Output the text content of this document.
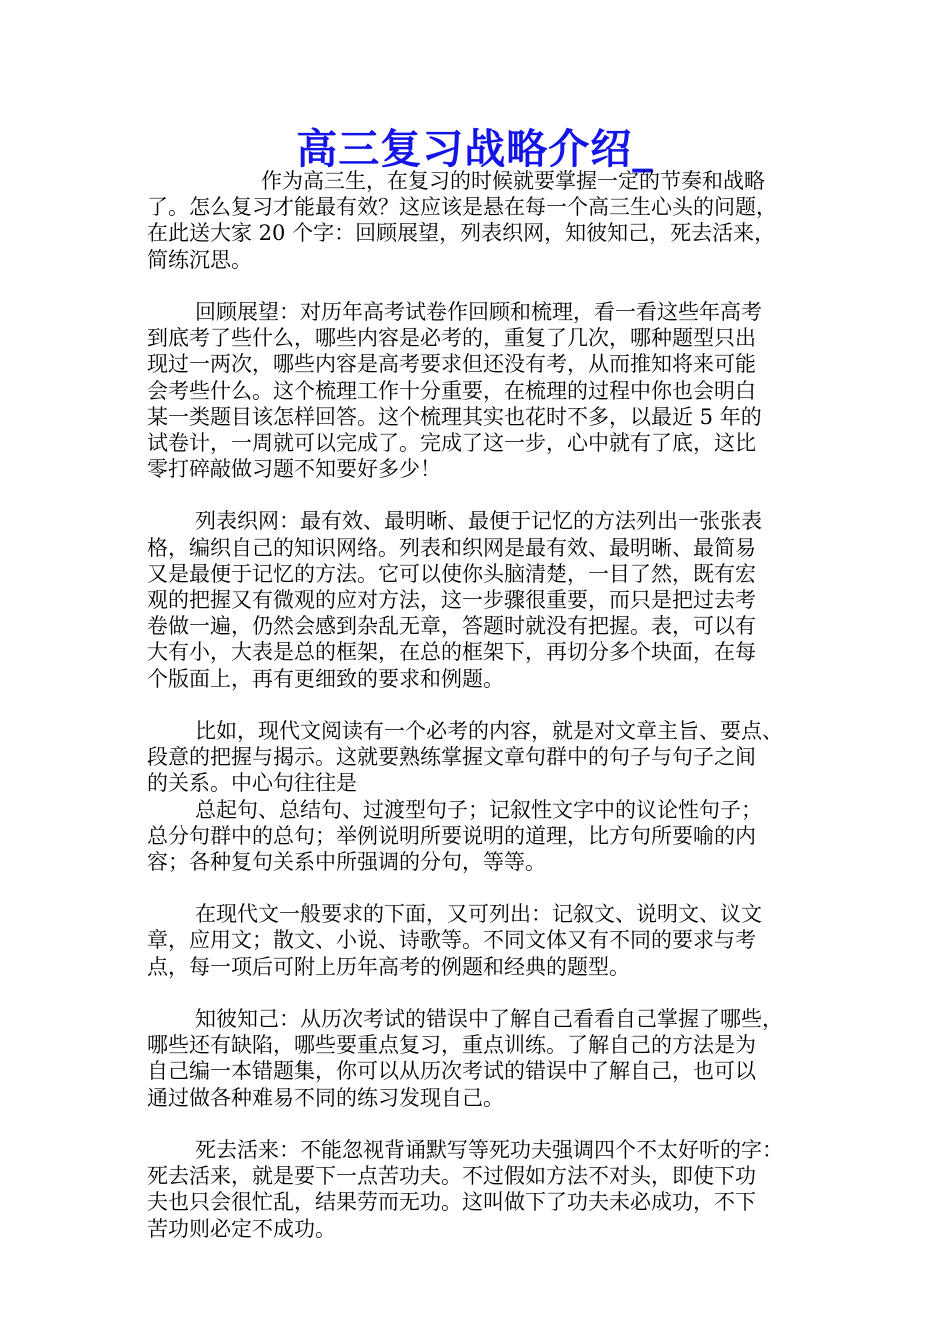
高三复习战略介绍_
作为高三生，在复习的时候就要掌握一定的节奏和战略
了。怎么复习才能最有效？这应该是悬在每一个高三生心头的问题，
在此送大家 20 个字：回顾展望，列表织网，知彼知己，死去活来，
简练沉思。
回顾展望：对历年高考试卷作回顾和梳理，看一看这些年高考
到底考了些什么，哪些内容是必考的，重复了几次，哪种题型只出
现过一两次，哪些内容是高考要求但还没有考，从而推知将来可能
会考些什么。这个梳理工作十分重要，在梳理的过程中你也会明白
某一类题目该怎样回答。这个梳理其实也花时不多，以最近 5 年的
试卷计，一周就可以完成了。完成了这一步，心中就有了底，这比
零打碎敲做习题不知要好多少！
列表织网：最有效、最明晰、最便于记忆的方法列出一张张表
格，编织自己的知识网络。列表和织网是最有效、最明晰、最简易
又是最便于记忆的方法。它可以使你头脑清楚，一目了然，既有宏
观的把握又有微观的应对方法，这一步骤很重要，而只是把过去考
卷做一遍，仍然会感到杂乱无章，答题时就没有把握。表，可以有
大有小，大表是总的框架，在总的框架下，再切分多个块面，在每
个版面上，再有更细致的要求和例题。
比如，现代文阅读有一个必考的内容，就是对文章主旨、要点、
段意的把握与揭示。这就要熟练掌握文章句群中的句子与句子之间
的关系。中心句往往是
总起句、总结句、过渡型句子；记叙性文字中的议论性句子；
总分句群中的总句；举例说明所要说明的道理，比方句所要喻的内
容；各种复句关系中所强调的分句，等等。
在现代文一般要求的下面，又可列出：记叙文、说明文、议文
章，应用文；散文、小说、诗歌等。不同文体又有不同的要求与考
点，每一项后可附上历年高考的例题和经典的题型。
知彼知己：从历次考试的错误中了解自己看看自己掌握了哪些，
哪些还有缺陷，哪些要重点复习，重点训练。了解自己的方法是为
自己编一本错题集，你可以从历次考试的错误中了解自己，也可以
通过做各种难易不同的练习发现自己。
死去活来：不能忽视背诵默写等死功夫强调四个不太好听的字：
死去活来，就是要下一点苦功夫。不过假如方法不对头，即使下功
夫也只会很忙乱，结果劳而无功。这叫做下了功夫未必成功，不下
苦功则必定不成功。
